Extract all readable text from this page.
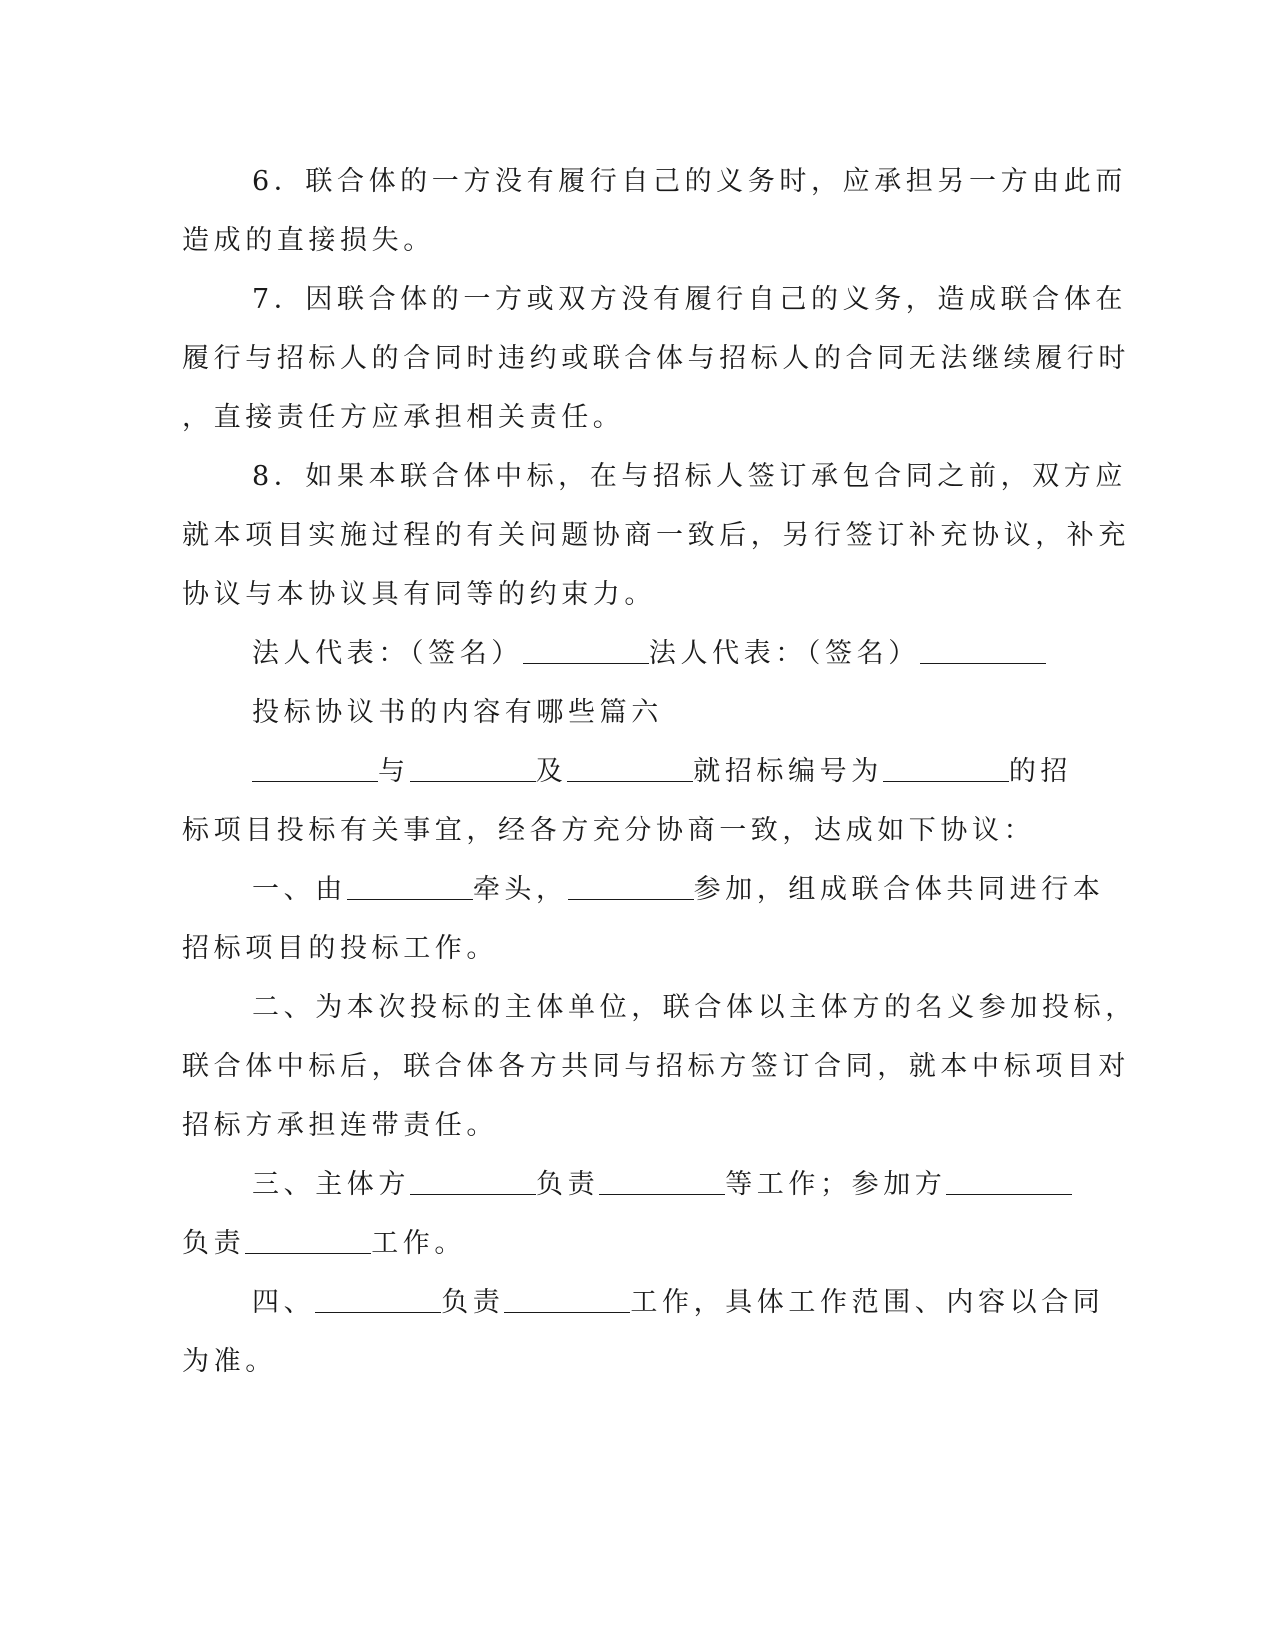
6．联合体的一方没有履行自己的义务时，应承担另一方由此而
造成的直接损失。
7．因联合体的一方或双方没有履行自己的义务，造成联合体在
履行与招标人的合同时违约或联合体与招标人的合同无法继续履行时
，直接责任方应承担相关责任。
8．如果本联合体中标，在与招标人签订承包合同之前，双方应
就本项目实施过程的有关问题协商一致后，另行签订补充协议，补充
协议与本协议具有同等的约束力。
法人代表：（签名）	法人代表：（签名）
投标协议书的内容有哪些篇六
与	及	就招标编号为	的招
标项目投标有关事宜，经各方充分协商一致，达成如下协议：
一、由	牵头，	参加，组成联合体共同进行本
招标项目的投标工作。
二、为本次投标的主体单位，联合体以主体方的名义参加投标，
联合体中标后，联合体各方共同与招标方签订合同，就本中标项目对
招标方承担连带责任。
三、主体方	负责	等工作；参加方
负责	工作。
四、	负责	工作，具体工作范围、内容以合同
为准。
